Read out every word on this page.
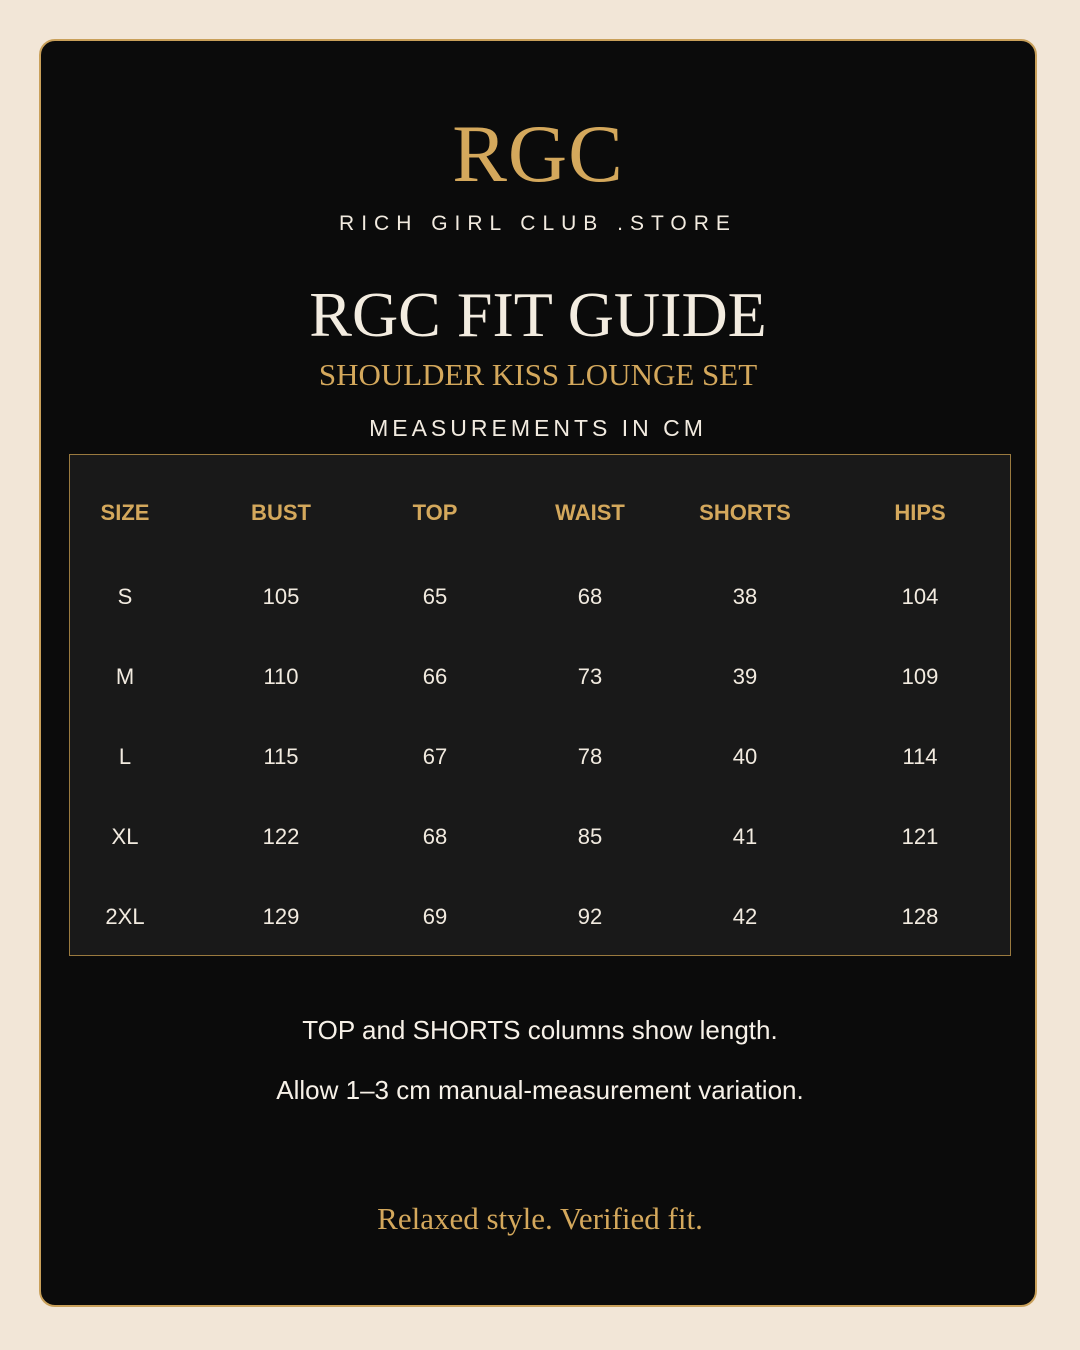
RGC
RICH GIRL CLUB .STORE
RGC FIT GUIDE
SHOULDER KISS LOUNGE SET
MEASUREMENTS IN CM
SIZE	BUST	TOP	WAIST	SHORTS	HIPS
S	105	65	68	38	104
M	110	66	73	39	109
L	115	67	78	40	114
XL	122	68	85	41	121
2XL	129	69	92	42	128
TOP and SHORTS columns show length.
Allow 1–3 cm manual-measurement variation.
Relaxed style. Verified fit.
